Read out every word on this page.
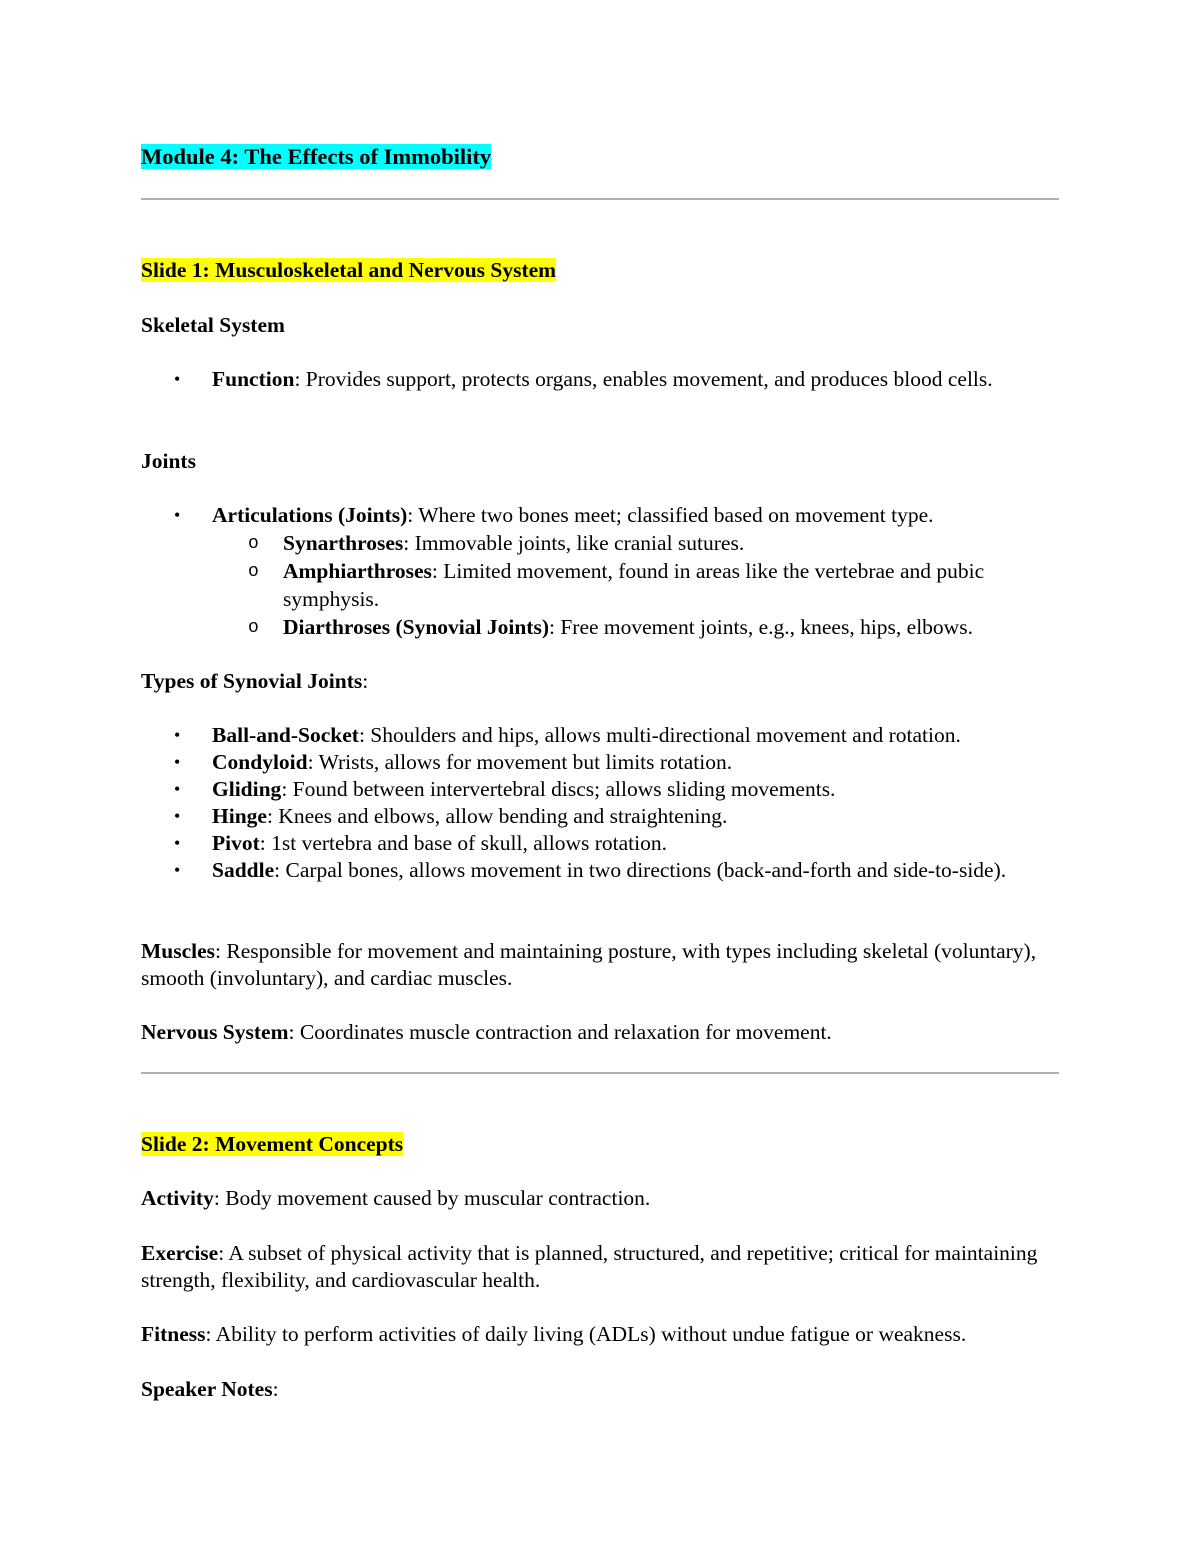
Module 4: The Effects of Immobility
Slide 1: Musculoskeletal and Nervous System
Skeletal System
• Function: Provides support, protects organs, enables movement, and produces blood cells.
Joints
• Articulations (Joints): Where two bones meet; classified based on movement type.
o Synarthroses: Immovable joints, like cranial sutures.
o Amphiarthroses: Limited movement, found in areas like the vertebrae and pubic symphysis.
o Diarthroses (Synovial Joints): Free movement joints, e.g., knees, hips, elbows.
Types of Synovial Joints:
• Ball-and-Socket: Shoulders and hips, allows multi-directional movement and rotation.
• Condyloid: Wrists, allows for movement but limits rotation.
• Gliding: Found between intervertebral discs; allows sliding movements.
• Hinge: Knees and elbows, allow bending and straightening.
• Pivot: 1st vertebra and base of skull, allows rotation.
• Saddle: Carpal bones, allows movement in two directions (back-and-forth and side-to-side).
Muscles: Responsible for movement and maintaining posture, with types including skeletal (voluntary), smooth (involuntary), and cardiac muscles.
Nervous System: Coordinates muscle contraction and relaxation for movement.
Slide 2: Movement Concepts
Activity: Body movement caused by muscular contraction.
Exercise: A subset of physical activity that is planned, structured, and repetitive; critical for maintaining strength, flexibility, and cardiovascular health.
Fitness: Ability to perform activities of daily living (ADLs) without undue fatigue or weakness.
Speaker Notes:
